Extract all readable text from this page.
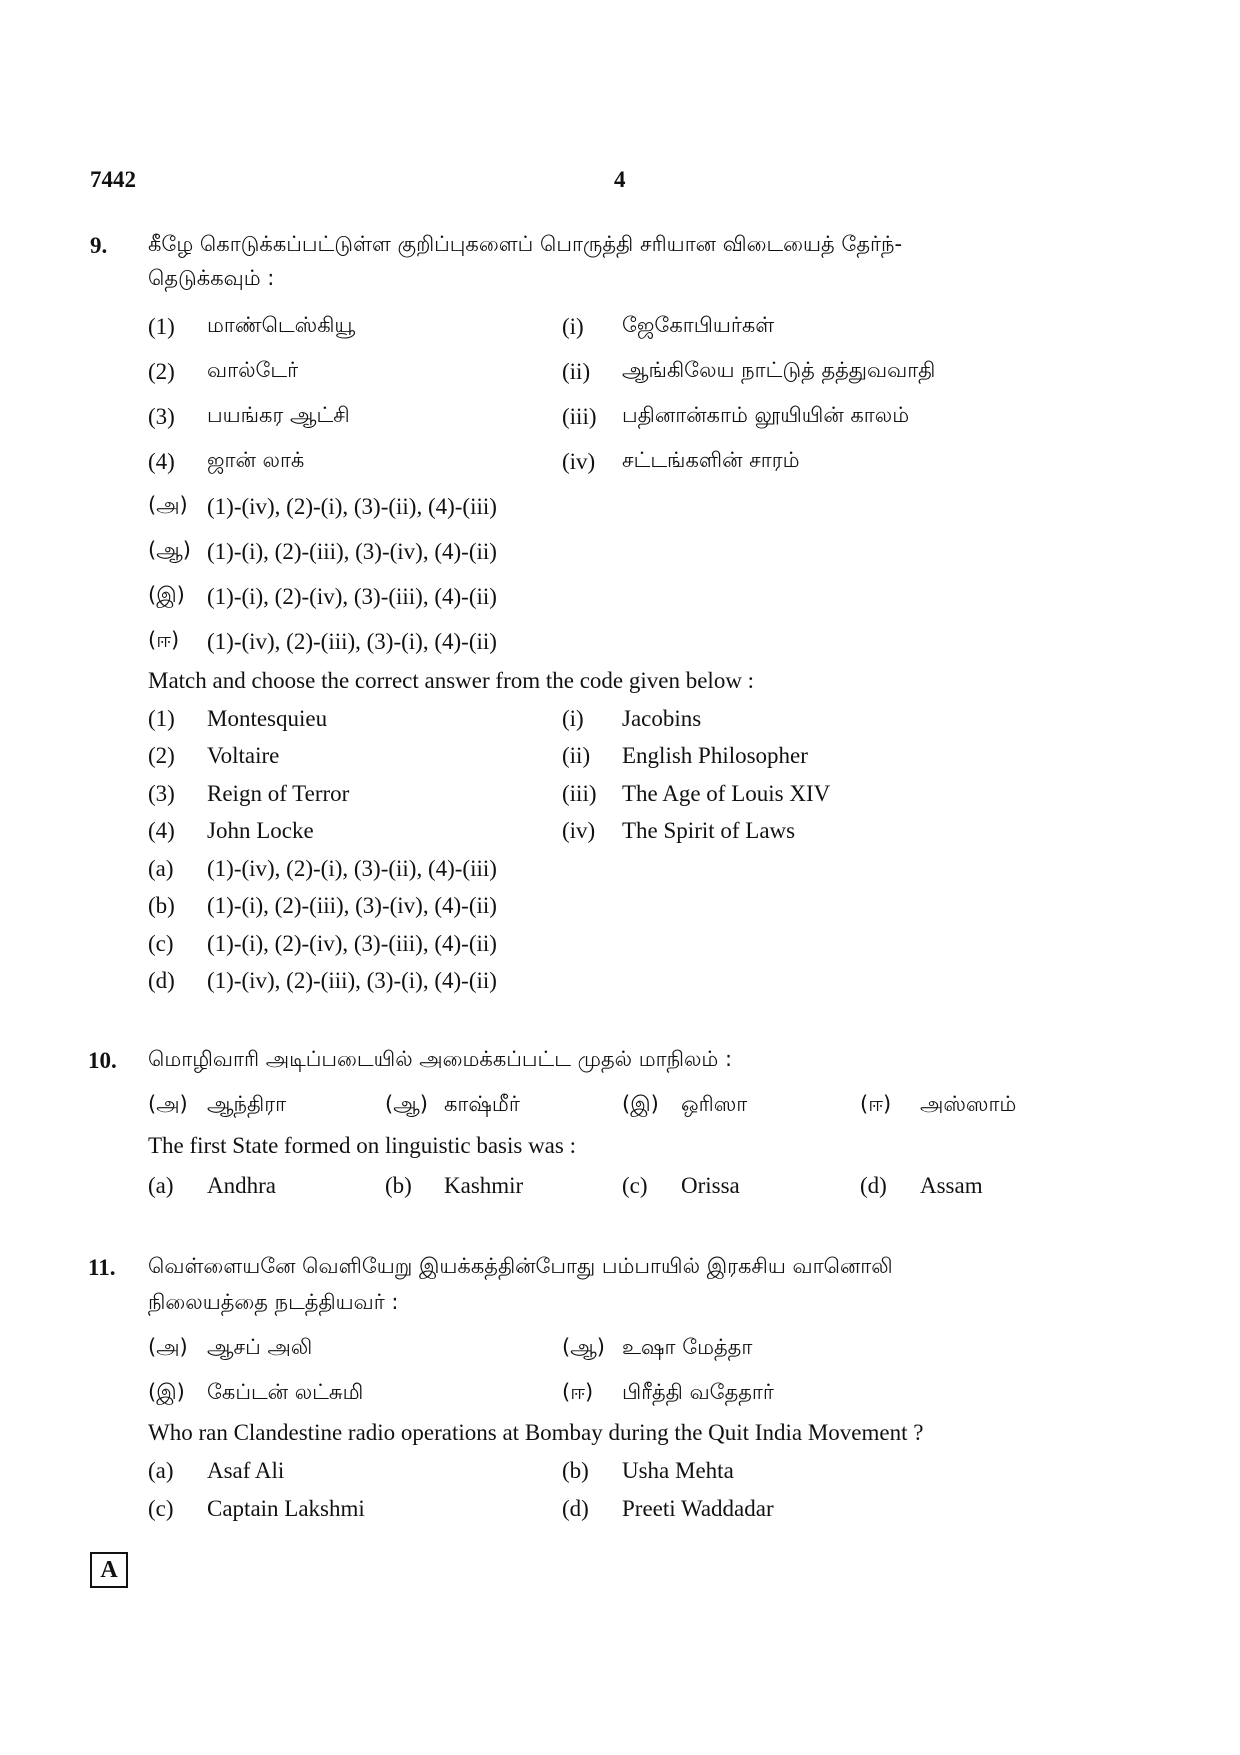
7442	4
9. கீழே கொடுக்கப்பட்டுள்ள குறிப்புகளைப் பொருத்தி சரியான விடையைத் தேர்ந்-
தெடுக்கவும் :
(1) மாண்டெஸ்கியூ	(i) ஜேகோபியர்கள்
(2) வால்டேர்	(ii) ஆங்கிலேய நாட்டுத் தத்துவவாதி
(3) பயங்கர ஆட்சி	(iii) பதினான்காம் லூயியின் காலம்
(4) ஜான் லாக்	(iv) சட்டங்களின் சாரம்
(அ) (1)-(iv), (2)-(i), (3)-(ii), (4)-(iii)
(ஆ) (1)-(i), (2)-(iii), (3)-(iv), (4)-(ii)
(இ) (1)-(i), (2)-(iv), (3)-(iii), (4)-(ii)
(ஈ) (1)-(iv), (2)-(iii), (3)-(i), (4)-(ii)
Match and choose the correct answer from the code given below :
(1) Montesquieu	(i) Jacobins
(2) Voltaire	(ii) English Philosopher
(3) Reign of Terror	(iii) The Age of Louis XIV
(4) John Locke	(iv) The Spirit of Laws
(a) (1)-(iv), (2)-(i), (3)-(ii), (4)-(iii)
(b) (1)-(i), (2)-(iii), (3)-(iv), (4)-(ii)
(c) (1)-(i), (2)-(iv), (3)-(iii), (4)-(ii)
(d) (1)-(iv), (2)-(iii), (3)-(i), (4)-(ii)
10. மொழிவாரி அடிப்படையில் அமைக்கப்பட்ட முதல் மாநிலம் :
(அ) ஆந்திரா	(ஆ) காஷ்மீர்	(இ) ஒரிஸா	(ஈ) அஸ்ஸாம்
The first State formed on linguistic basis was :
(a) Andhra	(b) Kashmir	(c) Orissa	(d) Assam
11. வெள்ளையனே வெளியேறு இயக்கத்தின்போது பம்பாயில் இரகசிய வானொலி
நிலையத்தை நடத்தியவர் :
(அ) ஆசப் அலி	(ஆ) உஷா மேத்தா
(இ) கேப்டன் லட்சுமி	(ஈ) பிரீத்தி வதேதார்
Who ran Clandestine radio operations at Bombay during the Quit India Movement ?
(a) Asaf Ali	(b) Usha Mehta
(c) Captain Lakshmi	(d) Preeti Waddadar
A
